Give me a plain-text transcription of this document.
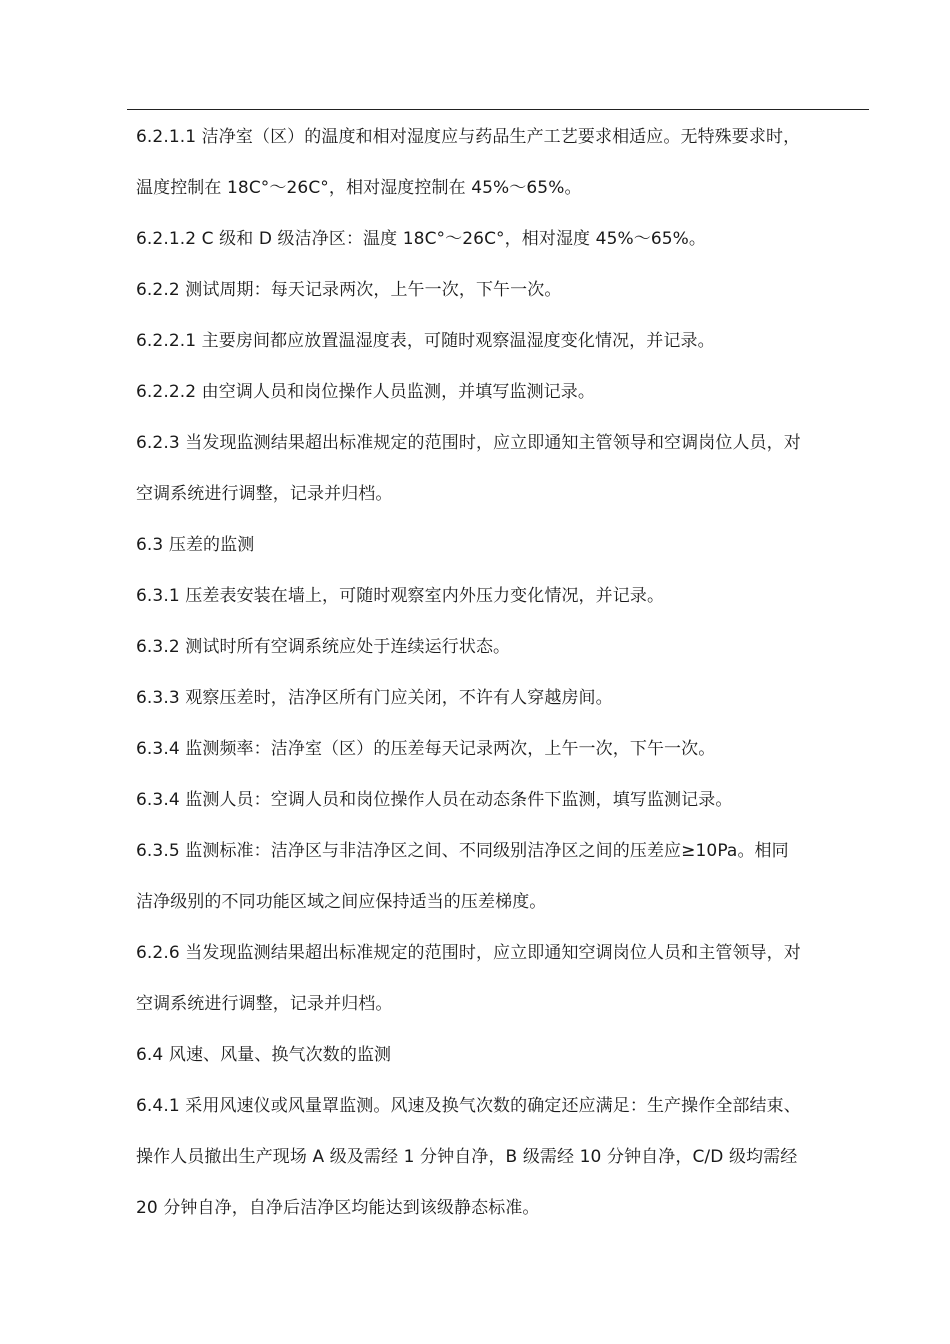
6.2.1.1 洁净室（区）的温度和相对湿度应与药品生产工艺要求相适应。无特殊要求时，
温度控制在 18C°～26C°，相对湿度控制在 45%～65%。
6.2.1.2 C 级和 D 级洁净区：温度 18C°～26C°，相对湿度 45%～65%。
6.2.2 测试周期：每天记录两次，上午一次，下午一次。
6.2.2.1 主要房间都应放置温湿度表，可随时观察温湿度变化情况，并记录。
6.2.2.2 由空调人员和岗位操作人员监测，并填写监测记录。
6.2.3 当发现监测结果超出标准规定的范围时，应立即通知主管领导和空调岗位人员，对
空调系统进行调整，记录并归档。
6.3 压差的监测
6.3.1 压差表安装在墙上，可随时观察室内外压力变化情况，并记录。
6.3.2 测试时所有空调系统应处于连续运行状态。
6.3.3 观察压差时，洁净区所有门应关闭，不许有人穿越房间。
6.3.4 监测频率：洁净室（区）的压差每天记录两次，上午一次，下午一次。
6.3.4 监测人员：空调人员和岗位操作人员在动态条件下监测，填写监测记录。
6.3.5 监测标准：洁净区与非洁净区之间、不同级别洁净区之间的压差应≥10Pa。相同
洁净级别的不同功能区域之间应保持适当的压差梯度。
6.2.6 当发现监测结果超出标准规定的范围时，应立即通知空调岗位人员和主管领导，对
空调系统进行调整，记录并归档。
6.4 风速、风量、换气次数的监测
6.4.1 采用风速仪或风量罩监测。风速及换气次数的确定还应满足：生产操作全部结束、
操作人员撤出生产现场 A 级及需经 1 分钟自净，B 级需经 10 分钟自净，C/D 级均需经
20 分钟自净，自净后洁净区均能达到该级静态标准。
